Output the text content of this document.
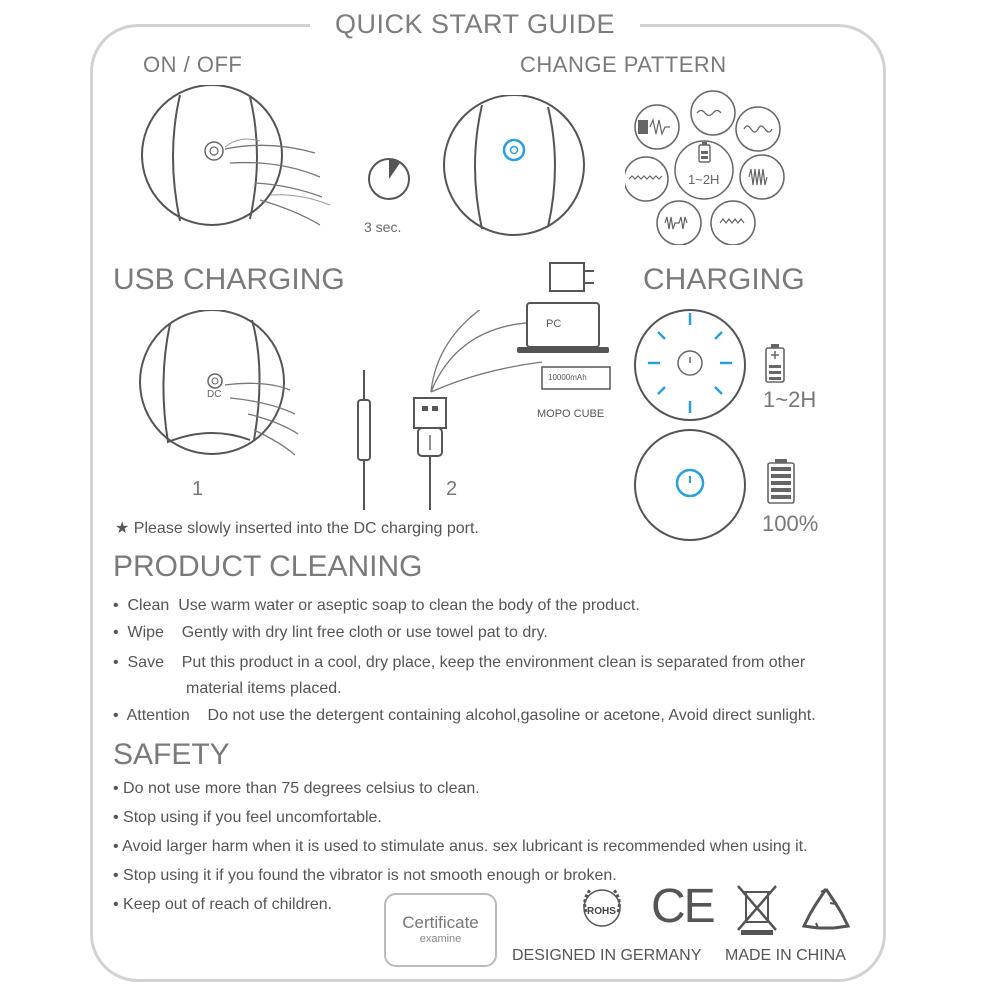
QUICK START GUIDE
ON / OFF
3 sec.
CHANGE PATTERN
1~2H
USB CHARGING
DC
1	2
PC
10000mAh
MOPO CUBE
★ Please slowly inserted into the DC charging port.
CHARGING
1~2H
100%
PRODUCT CLEANING
•  Clean Use warm water or aseptic soap to clean the body of the product.
•  Wipe Gently with dry lint free cloth or use towel pat to dry.
•  Save Put this product in a cool, dry place, keep the environment clean is separated from other
material items placed.
•  Attention Do not use the detergent containing alcohol,gasoline or acetone, Avoid direct sunlight.
SAFETY
• Do not use more than 75 degrees celsius to clean.
• Stop using if you feel uncomfortable.
• Avoid larger harm when it is used to stimulate anus. sex lubricant is recommended when using it.
• Stop using it if you found the vibrator is not smooth enough or broken.
• Keep out of reach of children.
Certificate
examine
ROHS CE
DESIGNED IN GERMANY MADE IN CHINA
